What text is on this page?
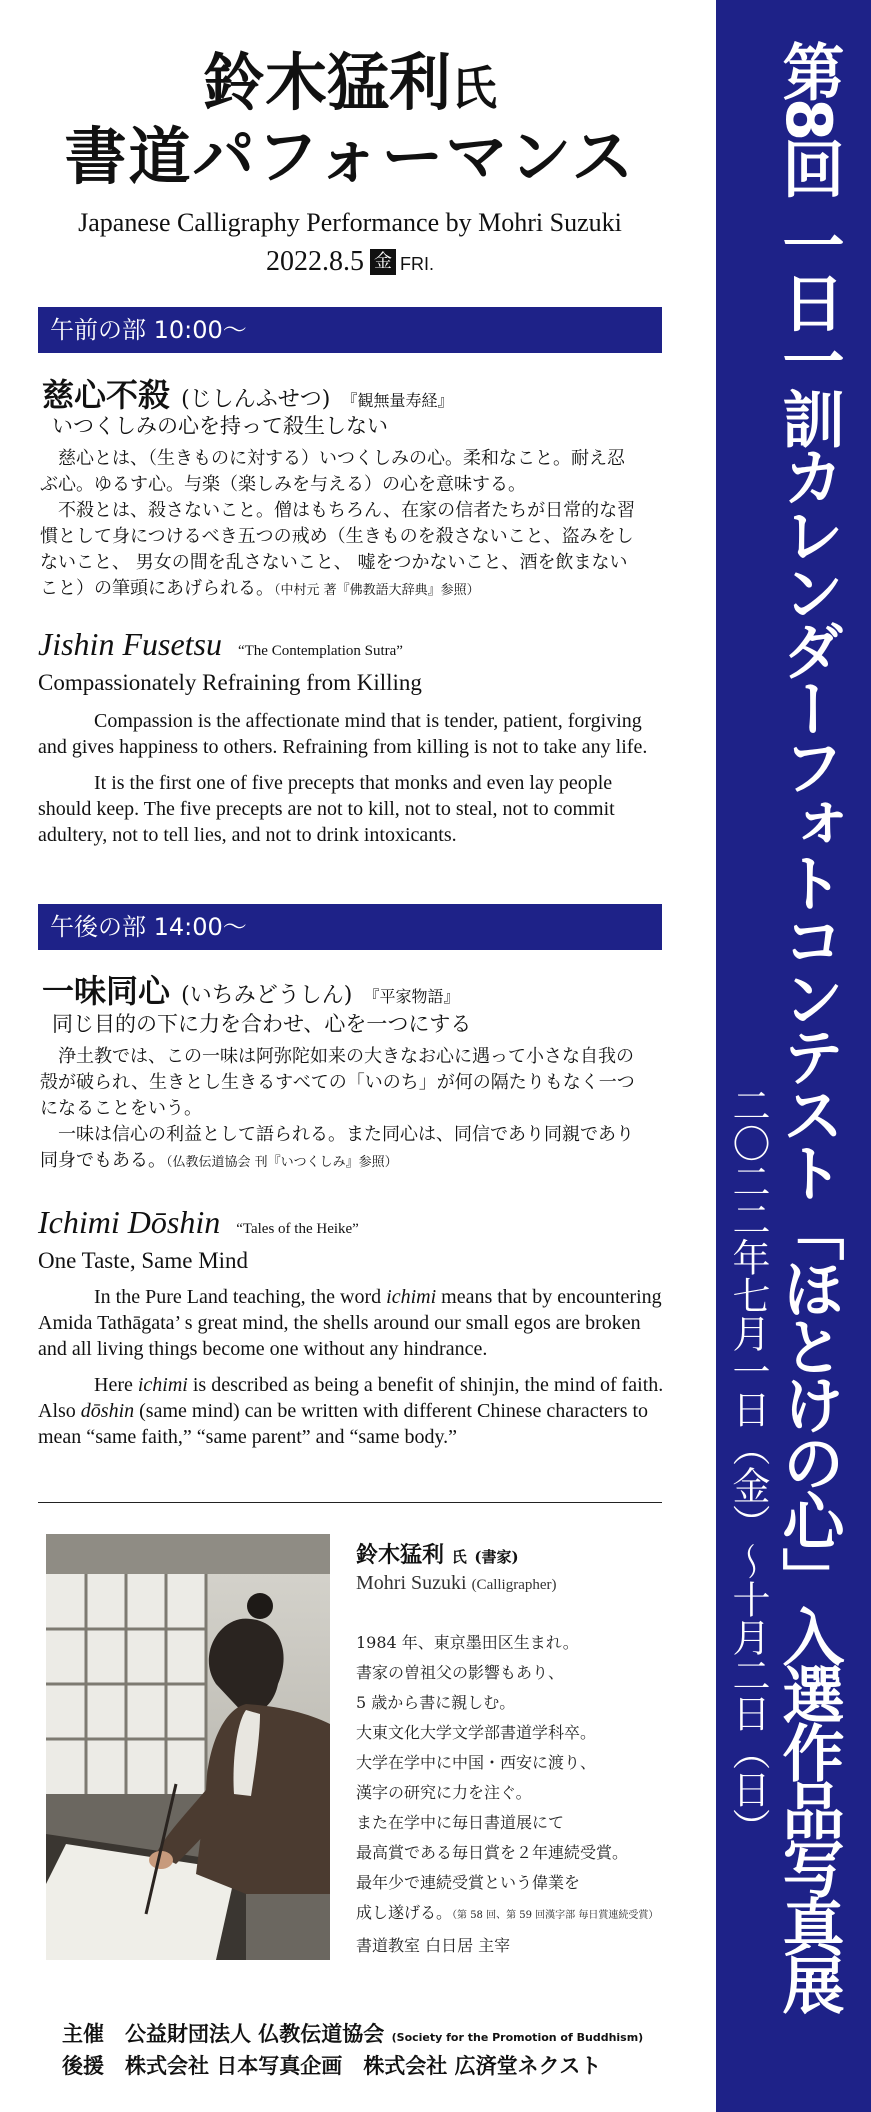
第8回 一日一訓カレンダーフォトコンテスト「ほとけの心」入選作品写真展
二〇二二年七月一日（金）〜十月二日（日）
鈴木猛利氏
書道パフォーマンス
Japanese Calligraphy Performance by Mohri Suzuki
2022.8.5 金 FRI.
午前の部 10:00〜
慈心不殺 (じしんふせつ) 『観無量寿経』
いつくしみの心を持って殺生しない

慈心とは、（生きものに対する）いつくしみの心。柔和なこと。耐え忍ぶ心。ゆるす心。与楽（楽しみを与える）の心を意味する。

不殺とは、殺さないこと。僧はもちろん、在家の信者たちが日常的な習慣として身につけるべき五つの戒め（生きものを殺さないこと、盗みをしないこと、 男女の間を乱さないこと、 嘘をつかないこと、酒を飲まないこと）の筆頭にあげられる。（中村元 著『佛教語大辞典』参照）

Jishin Fusetsu “The Contemplation Sutra”
Compassionately Refraining from Killing

Compassion is the affectionate mind that is tender, patient, forgiving and gives happiness to others. Refraining from killing is not to take any life.

It is the first one of five precepts that monks and even lay people should keep. The five precepts are not to kill, not to steal, not to commit adultery, not to tell lies, and not to drink intoxicants.

午後の部 14:00〜
一味同心 (いちみどうしん) 『平家物語』
同じ目的の下に力を合わせ、心を一つにする

浄土教では、この一味は阿弥陀如来の大きなお心に遇って小さな自我の殻が破られ、生きとし生きるすべての「いのち」が何の隔たりもなく一つになることをいう。

一味は信心の利益として語られる。また同心は、同信であり同親であり同身でもある。（仏教伝道協会 刊『いつくしみ』参照）

Ichimi Dōshin “Tales of the Heike”
One Taste, Same Mind

In the Pure Land teaching, the word ichimi means that by encountering Amida Tathāgata’ s great mind, the shells around our small egos are broken and all living things become one without any hindrance.

Here ichimi is described as being a benefit of shinjin, the mind of faith. Also dōshin (same mind) can be written with different Chinese characters to mean “same faith,” “same parent” and “same body.”

鈴木猛利 氏 (書家)
Mohri Suzuki (Calligrapher)
1984 年、東京墨田区生まれ。
書家の曽祖父の影響もあり、
5 歳から書に親しむ。
大東文化大学文学部書道学科卒。
大学在学中に中国・西安に渡り、
漢字の研究に力を注ぐ。
また在学中に毎日書道展にて
最高賞である毎日賞を２年連続受賞。
最年少で連続受賞という偉業を
成し遂げる。（第 58 回、第 59 回漢字部 毎日賞連続受賞）
書道教室 白日居 主宰
主催　 公益財団法人 仏教伝道協会 (Society for the Promotion of Buddhism)
後援　 株式会社 日本写真企画　 株式会社 広済堂ネクスト
